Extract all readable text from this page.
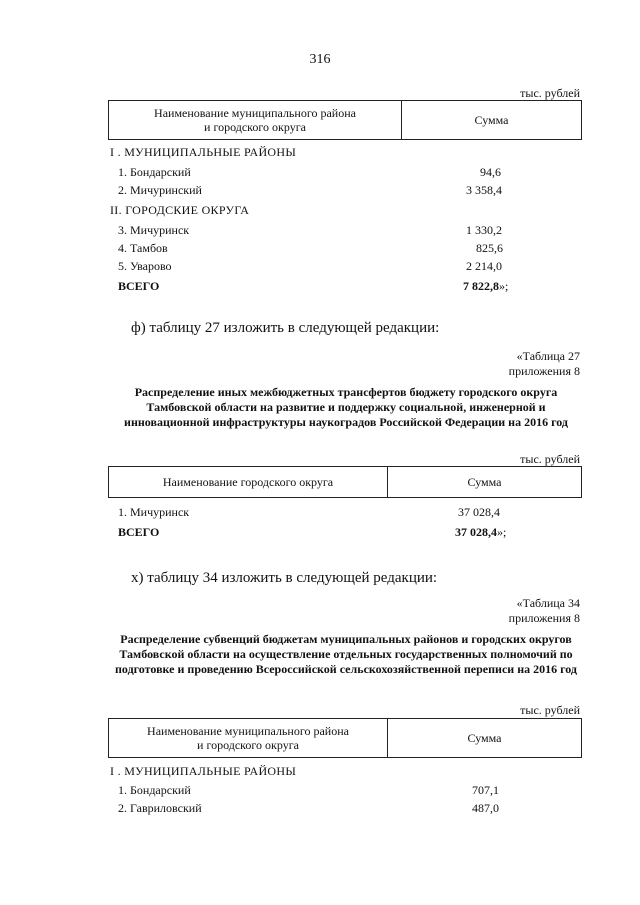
316
тыс. рублей
Наименование муниципального района
и городского округа	Сумма
I . МУНИЦИПАЛЬНЫЕ РАЙОНЫ
1. Бондарский	94,6
2. Мичуринский	3 358,4
II. ГОРОДСКИЕ ОКРУГА
3. Мичуринск	1 330,2
4. Тамбов	825,6
5. Уварово	2 214,0
ВСЕГО	7 822,8»;
ф) таблицу 27 изложить в следующей редакции:
«Таблица 27
приложения 8
Распределение иных межбюджетных трансфертов бюджету городского округа Тамбовской области на развитие и поддержку социальной, инженерной и инновационной инфраструктуры наукоградов Российской Федерации на 2016 год
тыс. рублей
Наименование городского округа	Сумма
1. Мичуринск	37 028,4
ВСЕГО	37 028,4»;
х) таблицу 34 изложить в следующей редакции:
«Таблица 34
приложения 8
Распределение субвенций бюджетам муниципальных районов и городских округов Тамбовской области на осуществление отдельных государственных полномочий по подготовке и проведению Всероссийской сельскохозяйственной переписи на 2016 год
тыс. рублей
Наименование муниципального района
и городского округа	Сумма
I . МУНИЦИПАЛЬНЫЕ РАЙОНЫ
1. Бондарский	707,1
2. Гавриловский	487,0
